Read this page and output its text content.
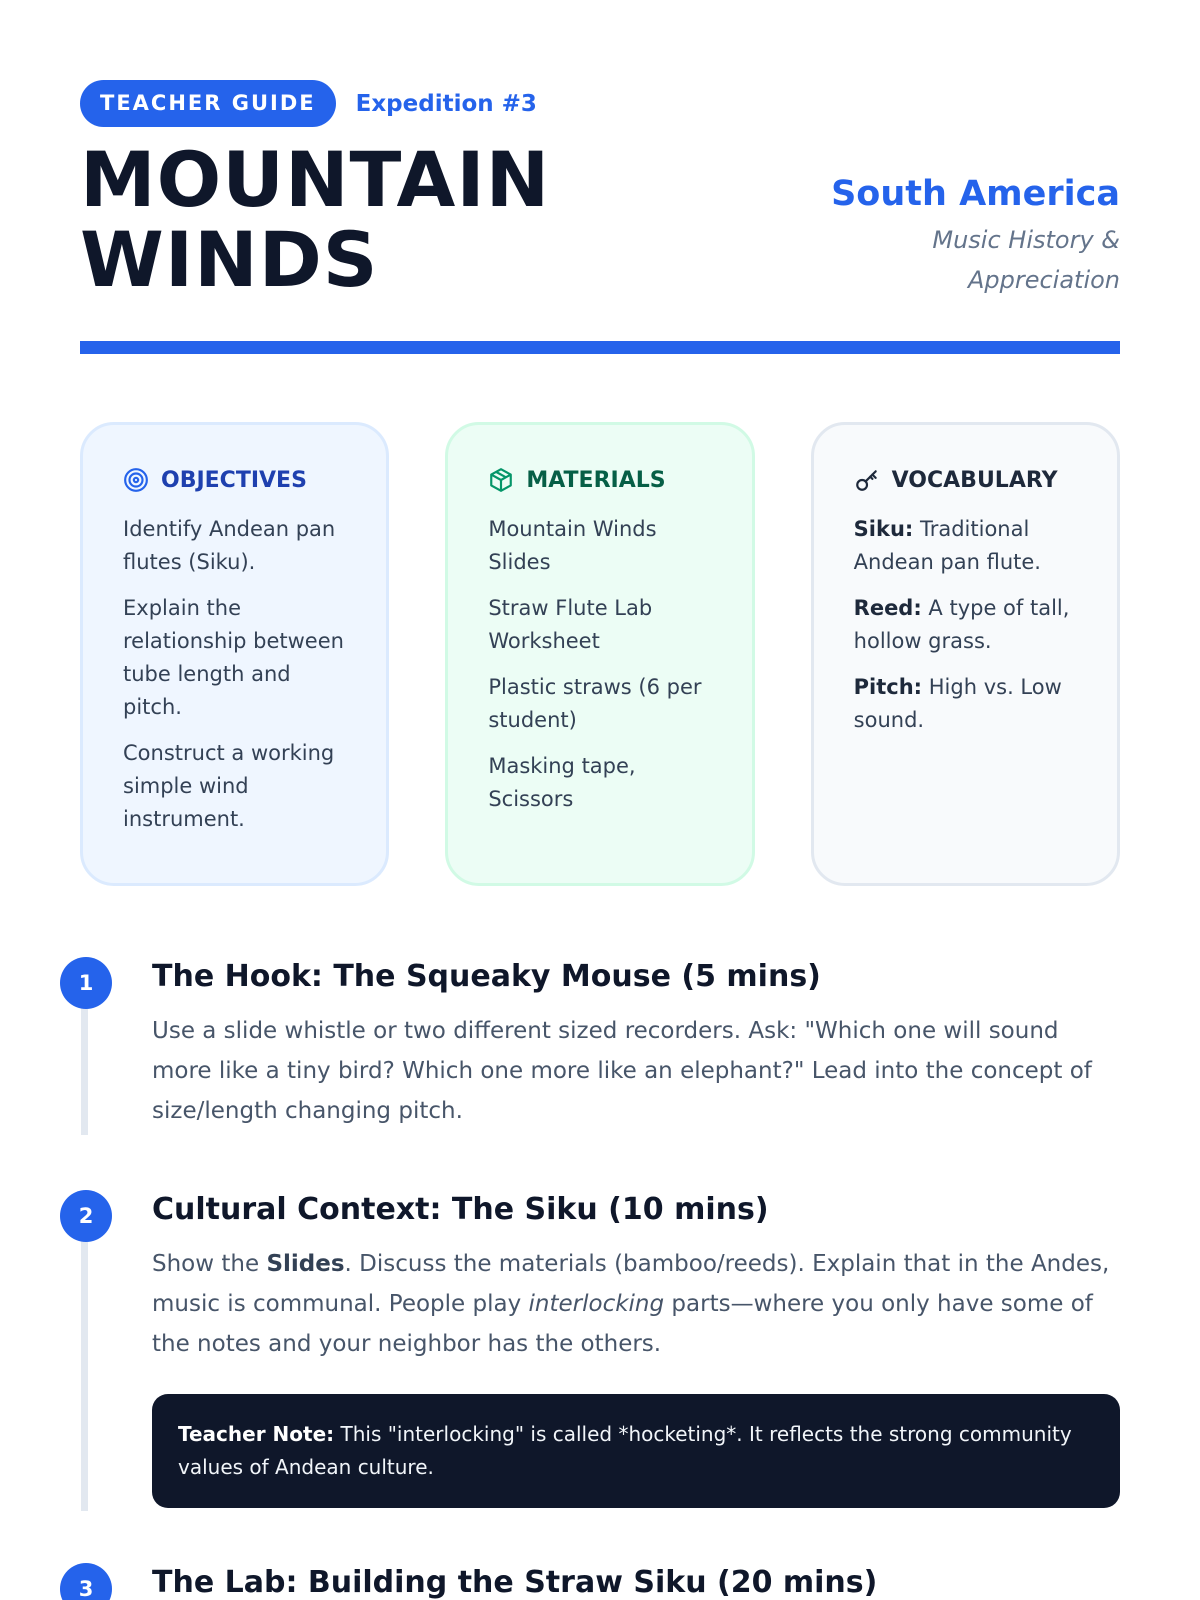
TEACHER GUIDE	Expedition #3
MOUNTAIN
WINDS
South America
Music History & Appreciation
OBJECTIVES
Identify Andean pan flutes (Siku).
Explain the relationship between tube length and pitch.
Construct a working simple wind instrument.
MATERIALS
Mountain Winds Slides
Straw Flute Lab Worksheet
Plastic straws (6 per student)
Masking tape, Scissors
VOCABULARY
Siku: Traditional Andean pan flute.
Reed: A type of tall, hollow grass.
Pitch: High vs. Low sound.
1	The Hook: The Squeaky Mouse (5 mins)
Use a slide whistle or two different sized recorders. Ask: "Which one will sound more like a tiny bird? Which one more like an elephant?" Lead into the concept of size/length changing pitch.
2	Cultural Context: The Siku (10 mins)
Show the Slides. Discuss the materials (bamboo/reeds). Explain that in the Andes, music is communal. People play interlocking parts—where you only have some of the notes and your neighbor has the others.
Teacher Note: This "interlocking" is called *hocketing*. It reflects the strong community values of Andean culture.
3	The Lab: Building the Straw Siku (20 mins)
